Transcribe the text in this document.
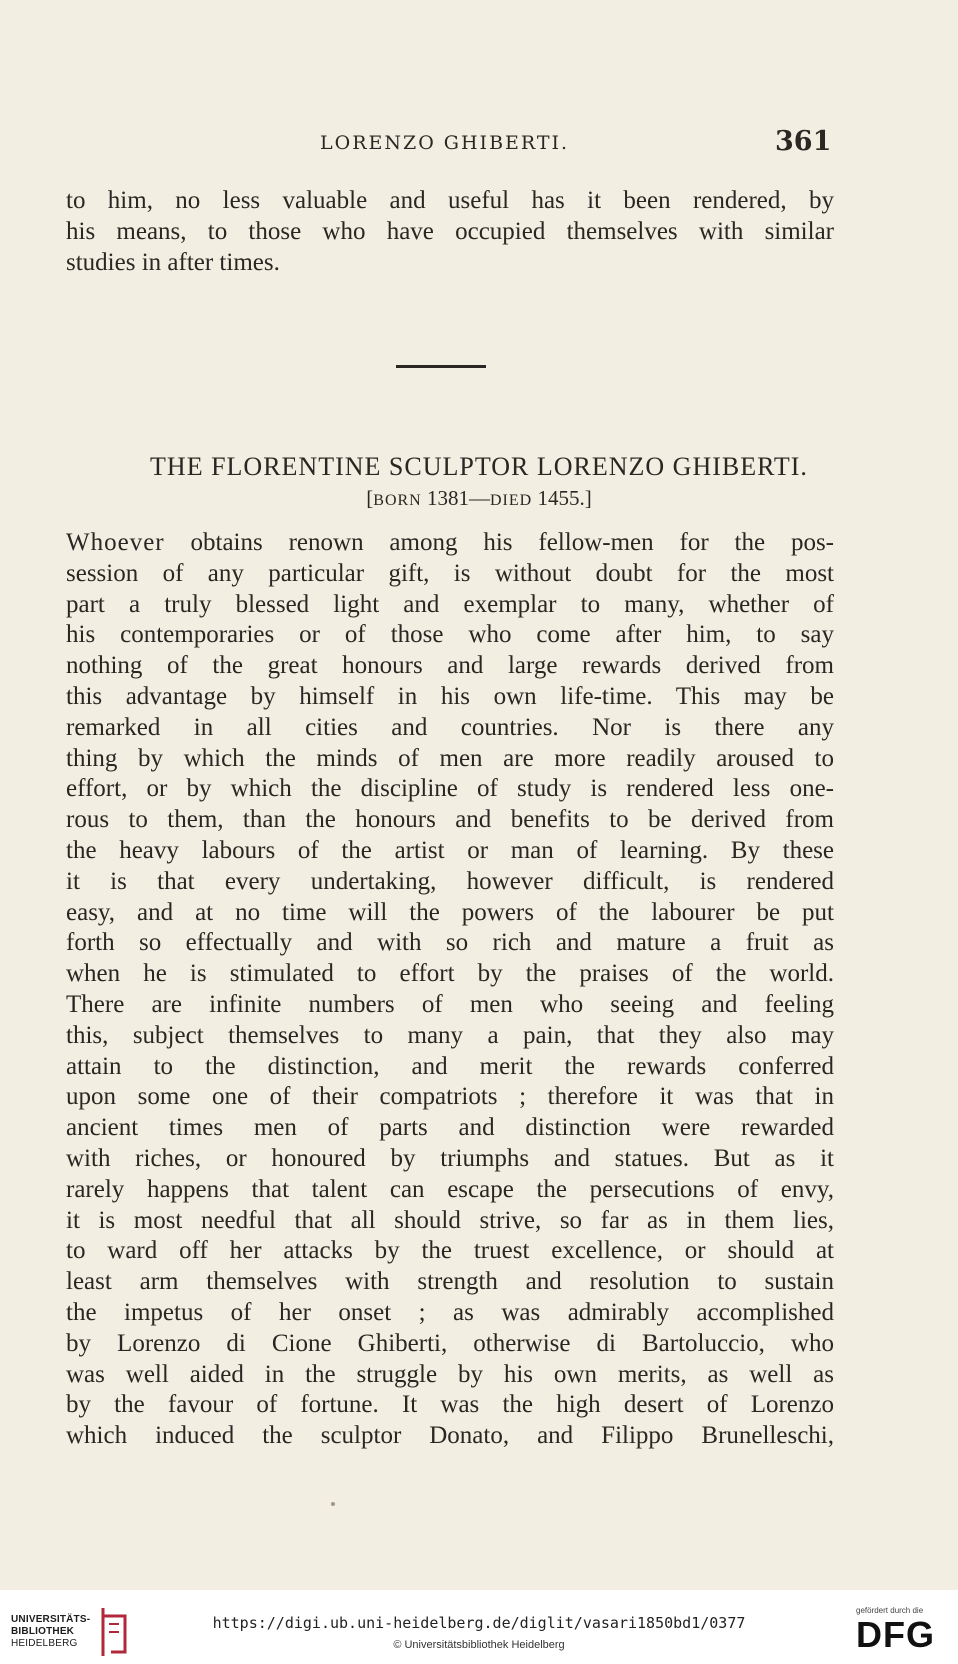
LORENZO GHIBERTI.	361
to him, no less valuable and useful has it been rendered, by
his means, to those who have occupied themselves with similar
studies in after times.
THE FLORENTINE SCULPTOR LORENZO GHIBERTI.
[BORN 1381—DIED 1455.]
Whoever obtains renown among his fellow-men for the pos-
session of any particular gift, is without doubt for the most
part a truly blessed light and exemplar to many, whether of
his contemporaries or of those who come after him, to say
nothing of the great honours and large rewards derived from
this advantage by himself in his own life-time. This may be
remarked in all cities and countries. Nor is there any
thing by which the minds of men are more readily aroused to
effort, or by which the discipline of study is rendered less one-
rous to them, than the honours and benefits to be derived from
the heavy labours of the artist or man of learning. By these
it is that every undertaking, however difficult, is rendered
easy, and at no time will the powers of the labourer be put
forth so effectually and with so rich and mature a fruit as
when he is stimulated to effort by the praises of the world.
There are infinite numbers of men who seeing and feeling
this, subject themselves to many a pain, that they also may
attain to the distinction, and merit the rewards conferred
upon some one of their compatriots ; therefore it was that in
ancient times men of parts and distinction were rewarded
with riches, or honoured by triumphs and statues. But as it
rarely happens that talent can escape the persecutions of envy,
it is most needful that all should strive, so far as in them lies,
to ward off her attacks by the truest excellence, or should at
least arm themselves with strength and resolution to sustain
the impetus of her onset ; as was admirably accomplished
by Lorenzo di Cione Ghiberti, otherwise di Bartoluccio, who
was well aided in the struggle by his own merits, as well as
by the favour of fortune. It was the high desert of Lorenzo
which induced the sculptor Donato, and Filippo Brunelleschi,
UNIVERSITÄTS-
BIBLIOTHEK
HEIDELBERG
https://digi.ub.uni-heidelberg.de/diglit/vasari1850bd1/0377
© Universitätsbibliothek Heidelberg
gefördert durch die
DFG
